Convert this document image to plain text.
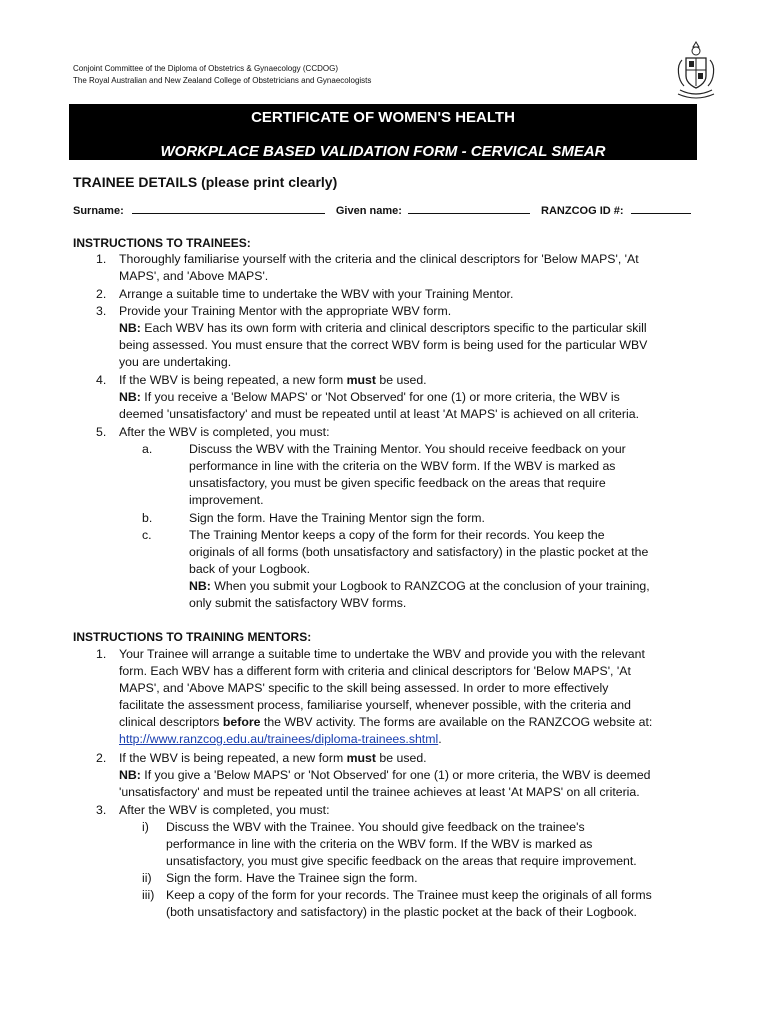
Conjoint Committee of the Diploma of Obstetrics & Gynaecology (CCDOG)
The Royal Australian and New Zealand College of Obstetricians and Gynaecologists
CERTIFICATE OF WOMEN'S HEALTH
WORKPLACE BASED VALIDATION FORM - CERVICAL SMEAR
TRAINEE DETAILS (please print clearly)
Surname:	Given name:	RANZCOG ID #:
INSTRUCTIONS TO TRAINEES:
1. Thoroughly familiarise yourself with the criteria and the clinical descriptors for 'Below MAPS', 'At
MAPS', and 'Above MAPS'.
2. Arrange a suitable time to undertake the WBV with your Training Mentor.
3. Provide your Training Mentor with the appropriate WBV form.
NB: Each WBV has its own form with criteria and clinical descriptors specific to the particular skill
being assessed. You must ensure that the correct WBV form is being used for the particular WBV
you are undertaking.
4. If the WBV is being repeated, a new form must be used.
NB: If you receive a 'Below MAPS' or 'Not Observed' for one (1) or more criteria, the WBV is
deemed 'unsatisfactory' and must be repeated until at least 'At MAPS' is achieved on all criteria.
5. After the WBV is completed, you must:
a.	Discuss the WBV with the Training Mentor. You should receive feedback on your
performance in line with the criteria on the WBV form. If the WBV is marked as
unsatisfactory, you must be given specific feedback on the areas that require
improvement.
b.	Sign the form. Have the Training Mentor sign the form.
c.	The Training Mentor keeps a copy of the form for their records. You keep the
originals of all forms (both unsatisfactory and satisfactory) in the plastic pocket at the
back of your Logbook.
NB: When you submit your Logbook to RANZCOG at the conclusion of your training,
only submit the satisfactory WBV forms.
INSTRUCTIONS TO TRAINING MENTORS:
1. Your Trainee will arrange a suitable time to undertake the WBV and provide you with the relevant
form. Each WBV has a different form with criteria and clinical descriptors for 'Below MAPS', 'At
MAPS', and 'Above MAPS' specific to the skill being assessed. In order to more effectively
facilitate the assessment process, familiarise yourself, whenever possible, with the criteria and
clinical descriptors before the WBV activity. The forms are available on the RANZCOG website at:
http://www.ranzcog.edu.au/trainees/diploma-trainees.shtml.
2. If the WBV is being repeated, a new form must be used.
NB: If you give a 'Below MAPS' or 'Not Observed' for one (1) or more criteria, the WBV is deemed
'unsatisfactory' and must be repeated until the trainee achieves at least 'At MAPS' on all criteria.
3. After the WBV is completed, you must:
i) Discuss the WBV with the Trainee. You should give feedback on the trainee's
performance in line with the criteria on the WBV form. If the WBV is marked as
unsatisfactory, you must give specific feedback on the areas that require improvement.
ii) Sign the form. Have the Trainee sign the form.
iii) Keep a copy of the form for your records. The Trainee must keep the originals of all forms
(both unsatisfactory and satisfactory) in the plastic pocket at the back of their Logbook.
